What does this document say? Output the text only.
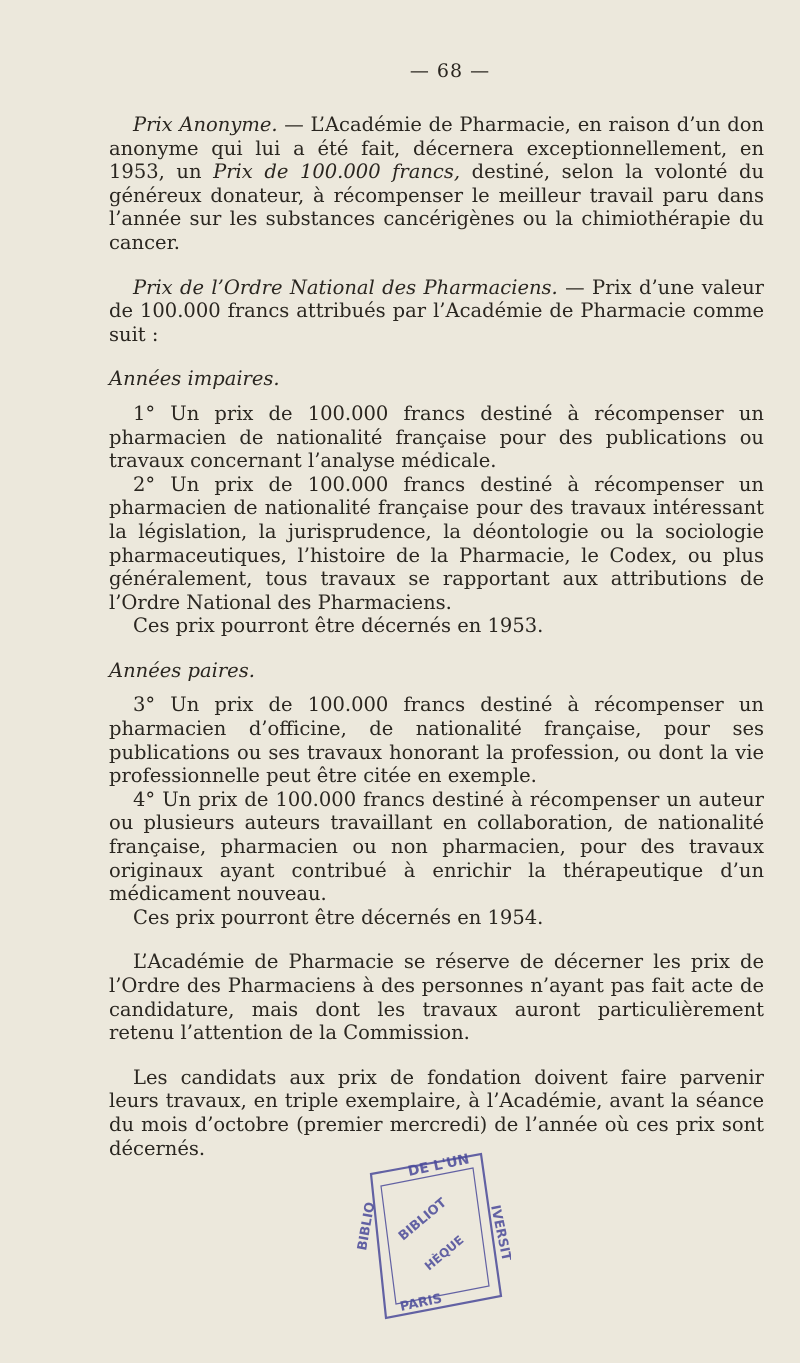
— 68 —

Prix Anonyme. — L’Académie de Pharmacie, en raison d’un don anonyme qui lui a été fait, décernera exceptionnellement, en 1953, un Prix de 100.000 francs, destiné, selon la volonté du généreux donateur, à récompenser le meilleur travail paru dans l’année sur les substances cancérigènes ou la chimiothérapie du cancer.

Prix de l’Ordre National des Pharmaciens. — Prix d’une valeur de 100.000 francs attribués par l’Académie de Pharmacie comme suit :

Années impaires.

1° Un prix de 100.000 francs destiné à récompenser un pharmacien de nationalité française pour des publications ou travaux concernant l’analyse médicale.

2° Un prix de 100.000 francs destiné à récompenser un pharmacien de nationalité française pour des travaux intéressant la législation, la jurisprudence, la déontologie ou la sociologie pharmaceutiques, l’histoire de la Pharmacie, le Codex, ou plus généralement, tous travaux se rapportant aux attributions de l’Ordre National des Pharmaciens.

Ces prix pourront être décernés en 1953.

Années paires.

3° Un prix de 100.000 francs destiné à récompenser un pharmacien d’officine, de nationalité française, pour ses publications ou ses travaux honorant la profession, ou dont la vie professionnelle peut être citée en exemple.

4° Un prix de 100.000 francs destiné à récompenser un auteur ou plusieurs auteurs travaillant en collaboration, de nationalité française, pharmacien ou non pharmacien, pour des travaux originaux ayant contribué à enrichir la thérapeutique d’un médicament nouveau.

Ces prix pourront être décernés en 1954.

L’Académie de Pharmacie se réserve de décerner les prix de l’Ordre des Pharmaciens à des personnes n’ayant pas fait acte de candidature, mais dont les travaux auront particulièrement retenu l’attention de la Commission.

Les candidats aux prix de fondation doivent faire parvenir leurs travaux, en triple exemplaire, à l’Académie, avant la séance du mois d’octobre (premier mercredi) de l’année où ces prix sont décernés.

DE L'UN
BIBLIO	IVERSIT
PARIS
BIBLIOT
HÈQUE
